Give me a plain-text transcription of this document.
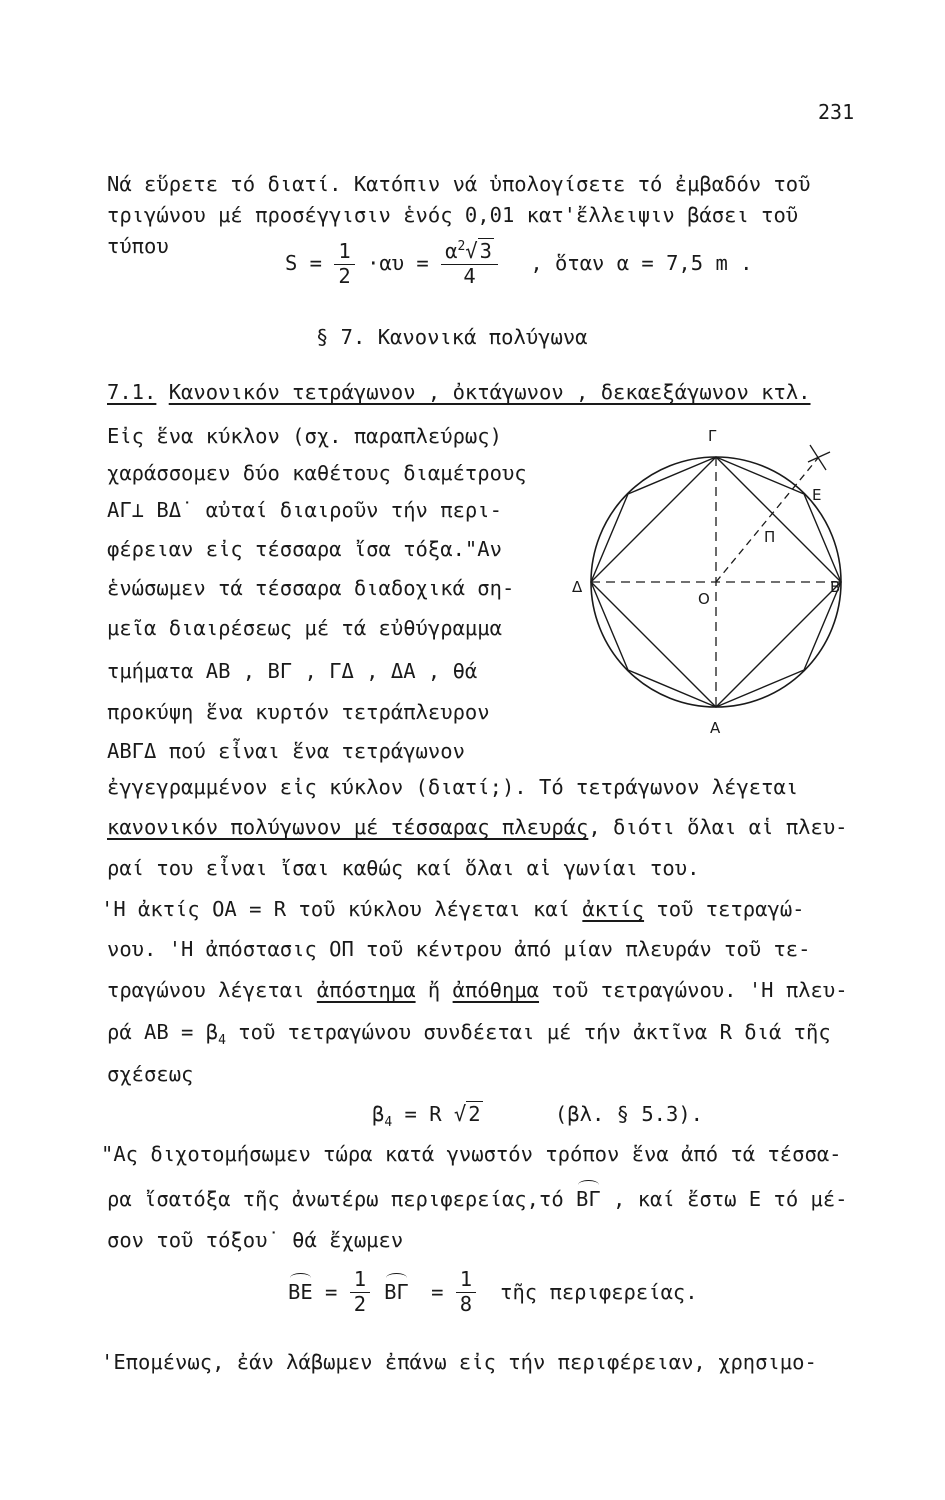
231
Νά εὕρετε τό διατί. Κατόπιν νά ὑπολογίσετε τό ἐμβαδόν τοῦ
τριγώνου μέ προσέγγισιν ἑνός 0,01 κατ'ἔλλειψιν βάσει τοῦ
τύπου
$S = \frac{1}{2} \cdot\alpha\upsilon = \frac{\alpha^2√3}{4}$ , ὅταν α = 7,5 m .
§ 7. Κανονικά πολύγωνα
7.1. Κανονικόν τετράγωνον , ὀκτάγωνον , δεκαεξάγωνον κτλ.
Εἰς ἕνα κύκλον (σχ. παραπλεύρως)
χαράσσομεν δύο καθέτους διαμέτρους
ΑΓ⊥ ΒΔ˙ αὐταί διαιροῦν τήν περι-
φέρειαν εἰς τέσσαρα ἴσα τόξα."Αν
ἑνώσωμεν τά τέσσαρα διαδοχικά ση-
μεῖα διαιρέσεως μέ τά εὐθύγραμμα
τμήματα ΑΒ , ΒΓ , ΓΔ , ΔΑ , θά
προκύψη ἕνα κυρτόν τετράπλευρον
ΑΒΓΔ πού εἶναι ἕνα τετράγωνον
Γ
Α
Δ	Β
Ο
Π
Ε
ἐγγεγραμμένον εἰς κύκλον (διατί;). Τό τετράγωνον λέγεται
κανονικόν πολύγωνον μέ τέσσαρας πλευράς, διότι ὅλαι αἱ πλευ-
ραί του εἶναι ἴσαι καθώς καί ὅλαι αἱ γωνίαι του.
'Η ἀκτίς ΟΑ = R τοῦ κύκλου λέγεται καί ἀκτίς τοῦ τετραγώ-
νου. 'Η ἀπόστασις ΟΠ τοῦ κέντρου ἀπό μίαν πλευράν τοῦ τε-
τραγώνου λέγεται ἀπόστημα ἤ ἀπόθημα τοῦ τετραγώνου. 'Η πλευ-
ρά $AB = \beta_4$ τοῦ τετραγώνου συνδέεται μέ τήν ἀκτῖνα R διά τῆς
σχέσεως
$\beta_4 = R$ √2	(βλ. § 5.3).
"Ας διχοτομήσωμεν τώρα κατά γνωστόν τρόπον ἕνα ἀπό τά τέσσα-
ρα ἴσατόξα τῆς ἀνωτέρω περιφερείας,τό ΒΓ , καί ἔστω Ε τό μέ-
σον τοῦ τόξου˙ θά ἔχωμεν
$BE = \frac{1}{2}$ $B\Gamma = \frac{1}{8}$ τῆς περιφερείας.
'Επομένως, ἐάν λάβωμεν ἐπάνω εἰς τήν περιφέρειαν, χρησιμο-
